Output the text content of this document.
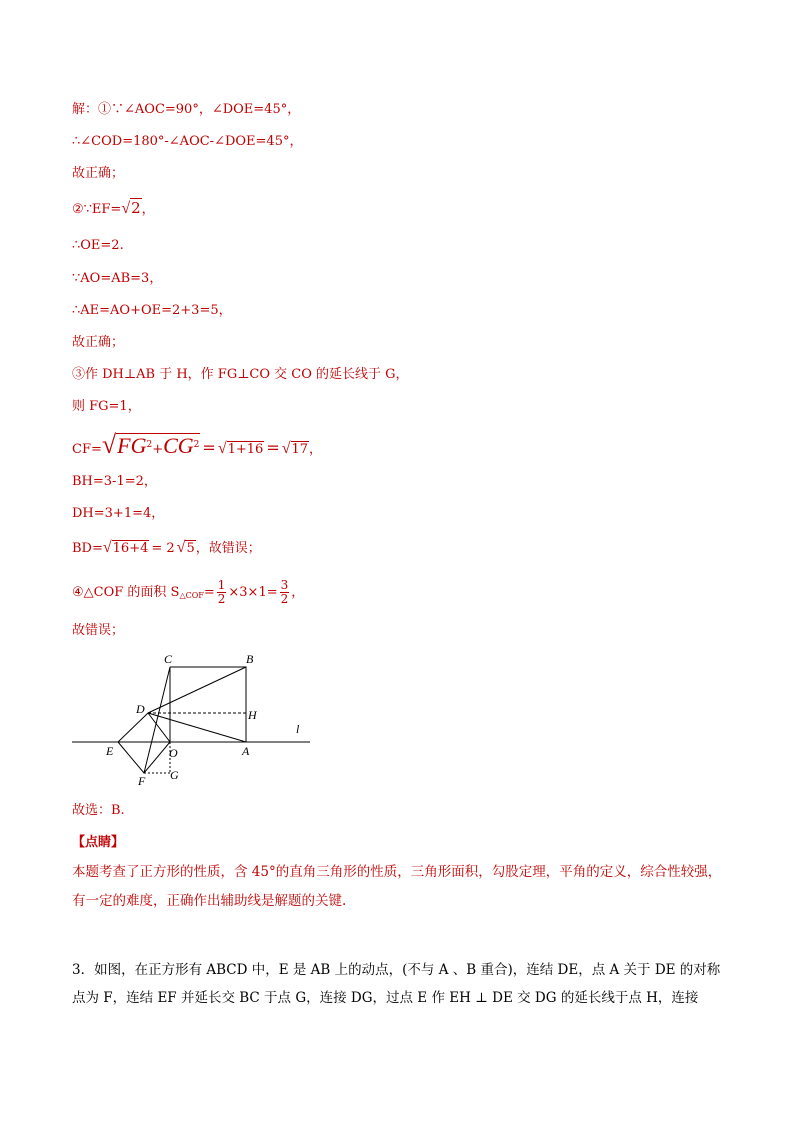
解：①∵∠AOC=90°，∠DOE=45°，
∴∠COD=180°-∠AOC-∠DOE=45°，
故正确；
②∵EF=√2，
∴OE=2.
∵AO=AB=3，
∴AE=AO+OE=2+3=5，
故正确；
③作 DH⊥AB 于 H，作 FG⊥CO 交 CO 的延长线于 G，
则 FG=1，
$CF=√FG^2+CG^2 = √1+16 = √17$，
BH=3-1=2，
DH=3+1=4，
BD=√16+4 = 2 √5，故错误；
④△COF 的面积 $S_{\triangle COF}= \frac{1}{2} \times 3\times 1= \frac{3}{2}$ ，
故错误；
C	B
D	H
l
E	O	A
F G
故选：B.
【点睛】
本题考查了正方形的性质，含 45°的直角三角形的性质，三角形面积，勾股定理，平角的定义，综合性较强，有一定的难度，正确作出辅助线是解题的关键.
3．如图，在正方形有 ABCD 中，E 是 AB 上的动点，(不与 A 、B 重合)，连结 DE，点 A 关于 DE 的对称点为 F，连结 EF 并延长交 BC 于点 G，连接 DG，过点 E 作 EH ⊥ DE 交 DG 的延长线于点 H，连接
